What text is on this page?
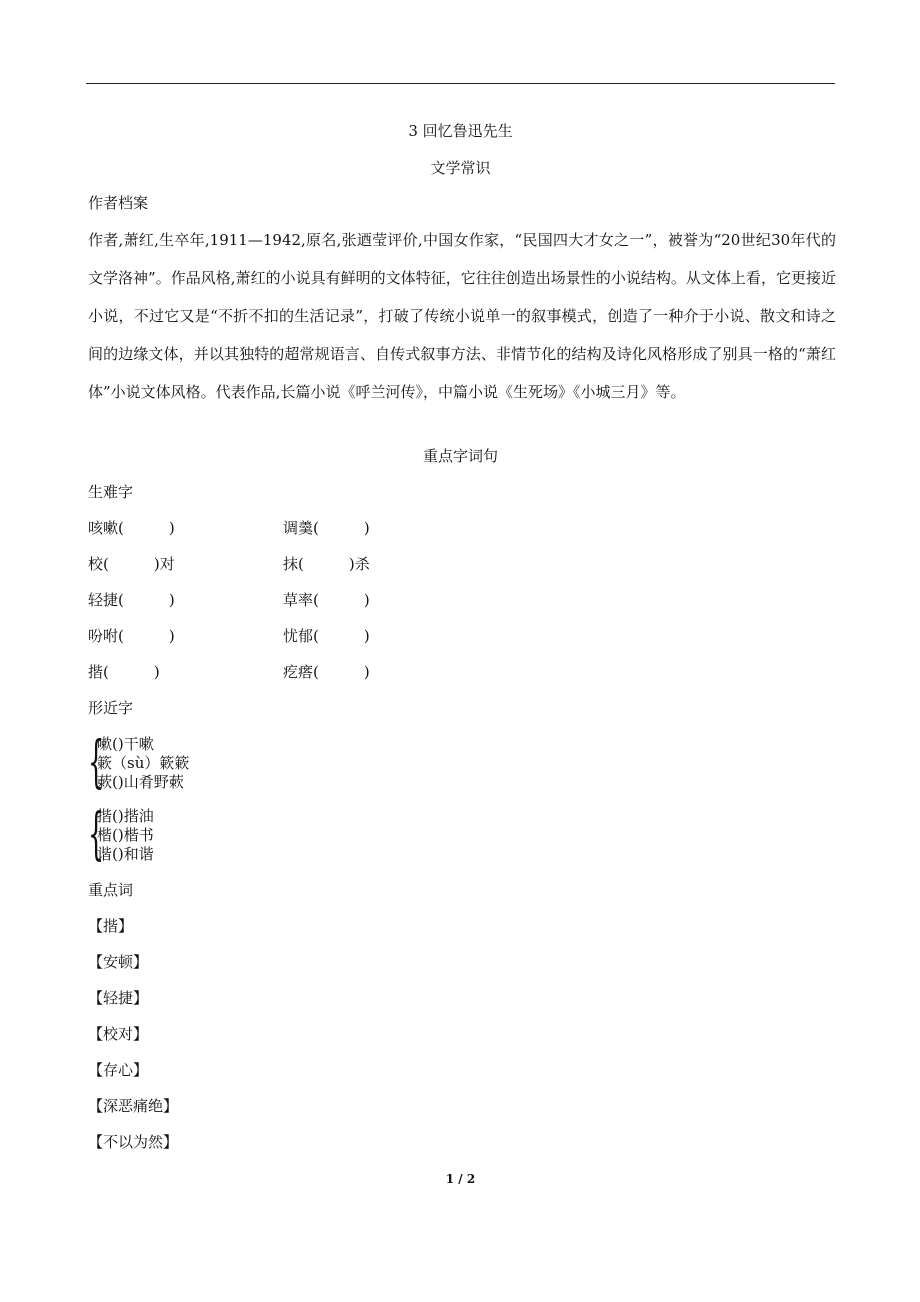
3 回忆鲁迅先生
文学常识
作者档案
作者,萧红,生卒年,1911—1942,原名,张迺莹评价,中国女作家，“民国四大才女之一”，被誉为“20世纪30年代的文学洛神”。作品风格,萧红的小说具有鲜明的文体特征，它往往创造出场景性的小说结构。从文体上看，它更接近小说，不过它又是“不折不扣的生活记录”，打破了传统小说单一的叙事模式，创造了一种介于小说、散文和诗之间的边缘文体，并以其独特的超常规语言、自传式叙事方法、非情节化的结构及诗化风格形成了别具一格的“萧红体”小说文体风格。代表作品,长篇小说《呼兰河传》，中篇小说《生死场》《小城三月》等。
重点字词句
生难字
咳嗽(　　　)	调羹(　　　)
校(　　　)对	抹(　　　)杀
轻捷(　　　)	草率(　　　)
吩咐(　　　)	忧郁(　　　)
揩(　　　)	疙瘩(　　　)
形近字
{
嗽()干嗽
簌（sù）簌簌
蔌()山肴野蔌
{
揩()揩油
楷()楷书
谐()和谐
重点词
【揩】
【安顿】
【轻捷】
【校对】
【存心】
【深恶痛绝】
【不以为然】
1 / 2
